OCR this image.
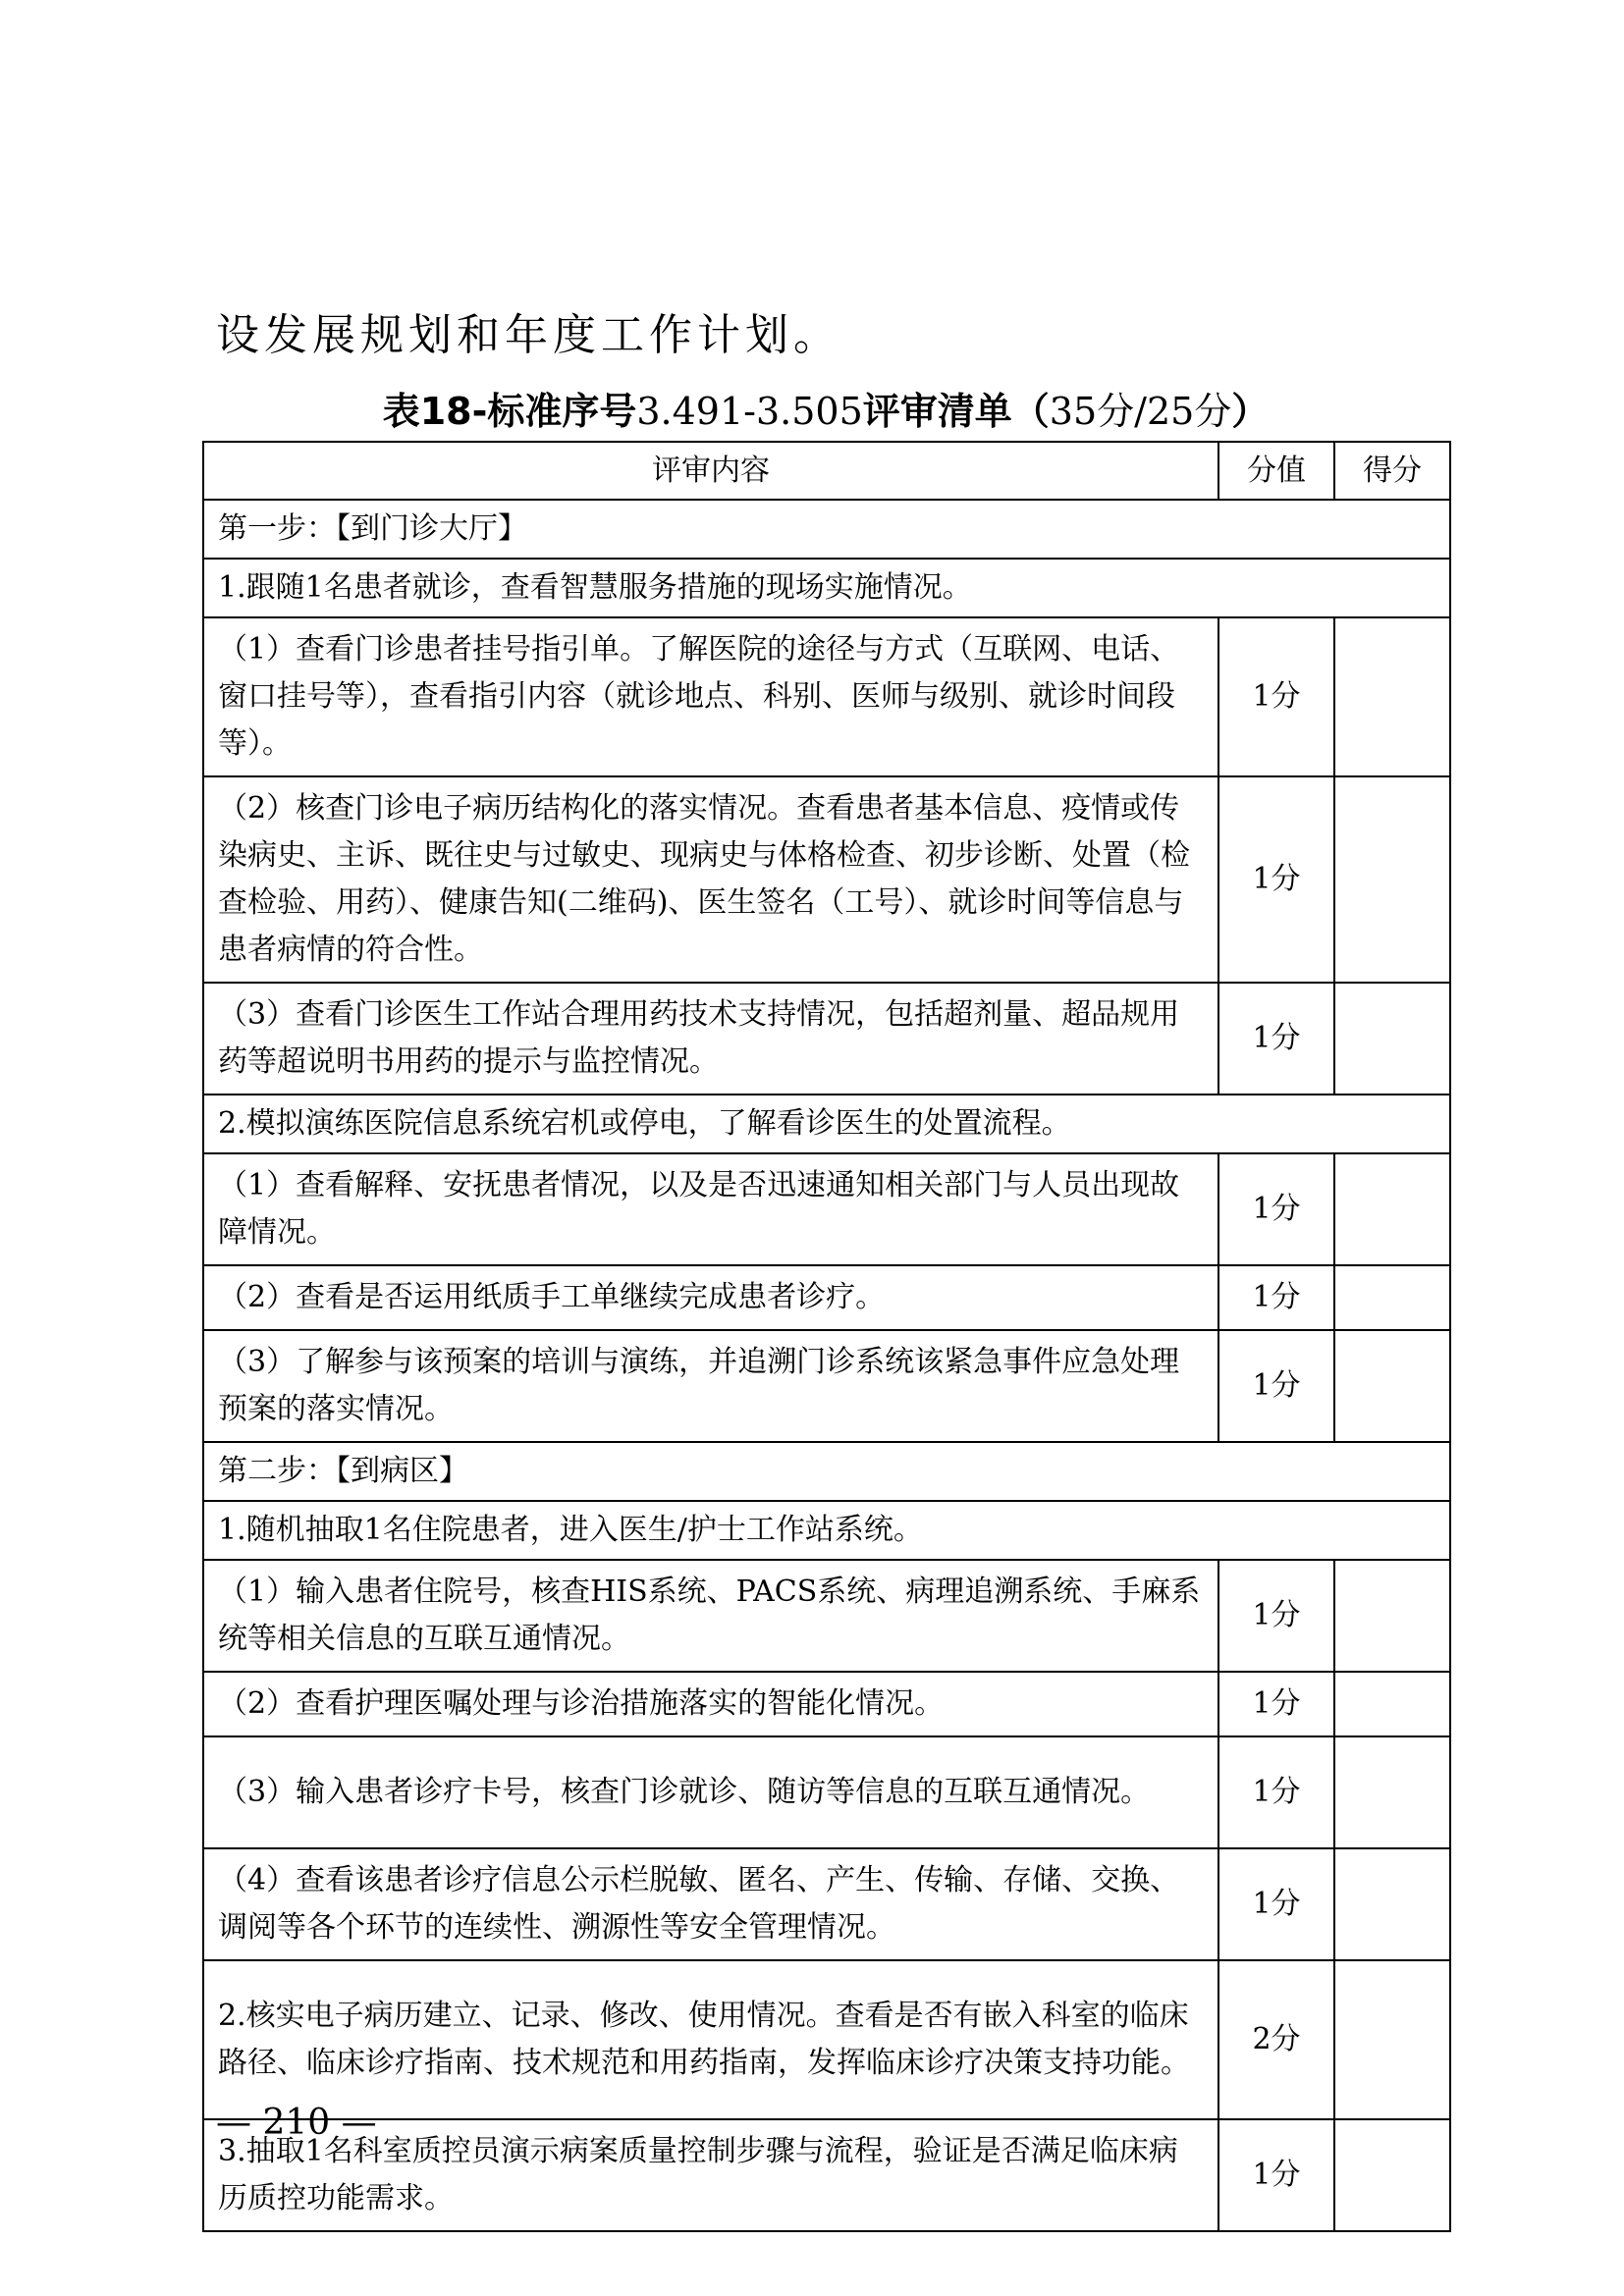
设发展规划和年度工作计划。
表18-标准序号3.491-3.505评审清单（35分/25分）
评审内容	分值	得分
第一步：【到门诊大厅】		
1.跟随1名患者就诊，查看智慧服务措施的现场实施情况。		
（1）查看门诊患者挂号指引单。了解医院的途径与方式（互联网、电话、窗口挂号等），查看指引内容（就诊地点、科别、医师与级别、就诊时间段等）。	1分	
（2）核查门诊电子病历结构化的落实情况。查看患者基本信息、疫情或传染病史、主诉、既往史与过敏史、现病史与体格检查、初步诊断、处置（检查检验、用药）、健康告知(二维码)、医生签名（工号）、就诊时间等信息与患者病情的符合性。	1分	
（3）查看门诊医生工作站合理用药技术支持情况，包括超剂量、超品规用药等超说明书用药的提示与监控情况。	1分	
2.模拟演练医院信息系统宕机或停电，了解看诊医生的处置流程。		
（1）查看解释、安抚患者情况，以及是否迅速通知相关部门与人员出现故障情况。	1分	
（2）查看是否运用纸质手工单继续完成患者诊疗。	1分	
（3）了解参与该预案的培训与演练，并追溯门诊系统该紧急事件应急处理预案的落实情况。	1分	
第二步：【到病区】		
1.随机抽取1名住院患者，进入医生/护士工作站系统。		
（1）输入患者住院号，核查HIS系统、PACS系统、病理追溯系统、手麻系统等相关信息的互联互通情况。	1分	
（2）查看护理医嘱处理与诊治措施落实的智能化情况。	1分	
（3）输入患者诊疗卡号，核查门诊就诊、随访等信息的互联互通情况。	1分	
（4）查看该患者诊疗信息公示栏脱敏、匿名、产生、传输、存储、交换、调阅等各个环节的连续性、溯源性等安全管理情况。	1分	
2.核实电子病历建立、记录、修改、使用情况。查看是否有嵌入科室的临床路径、临床诊疗指南、技术规范和用药指南，发挥临床诊疗决策支持功能。	2分	
3.抽取1名科室质控员演示病案质量控制步骤与流程，验证是否满足临床病历质控功能需求。	1分	
— 210 —
